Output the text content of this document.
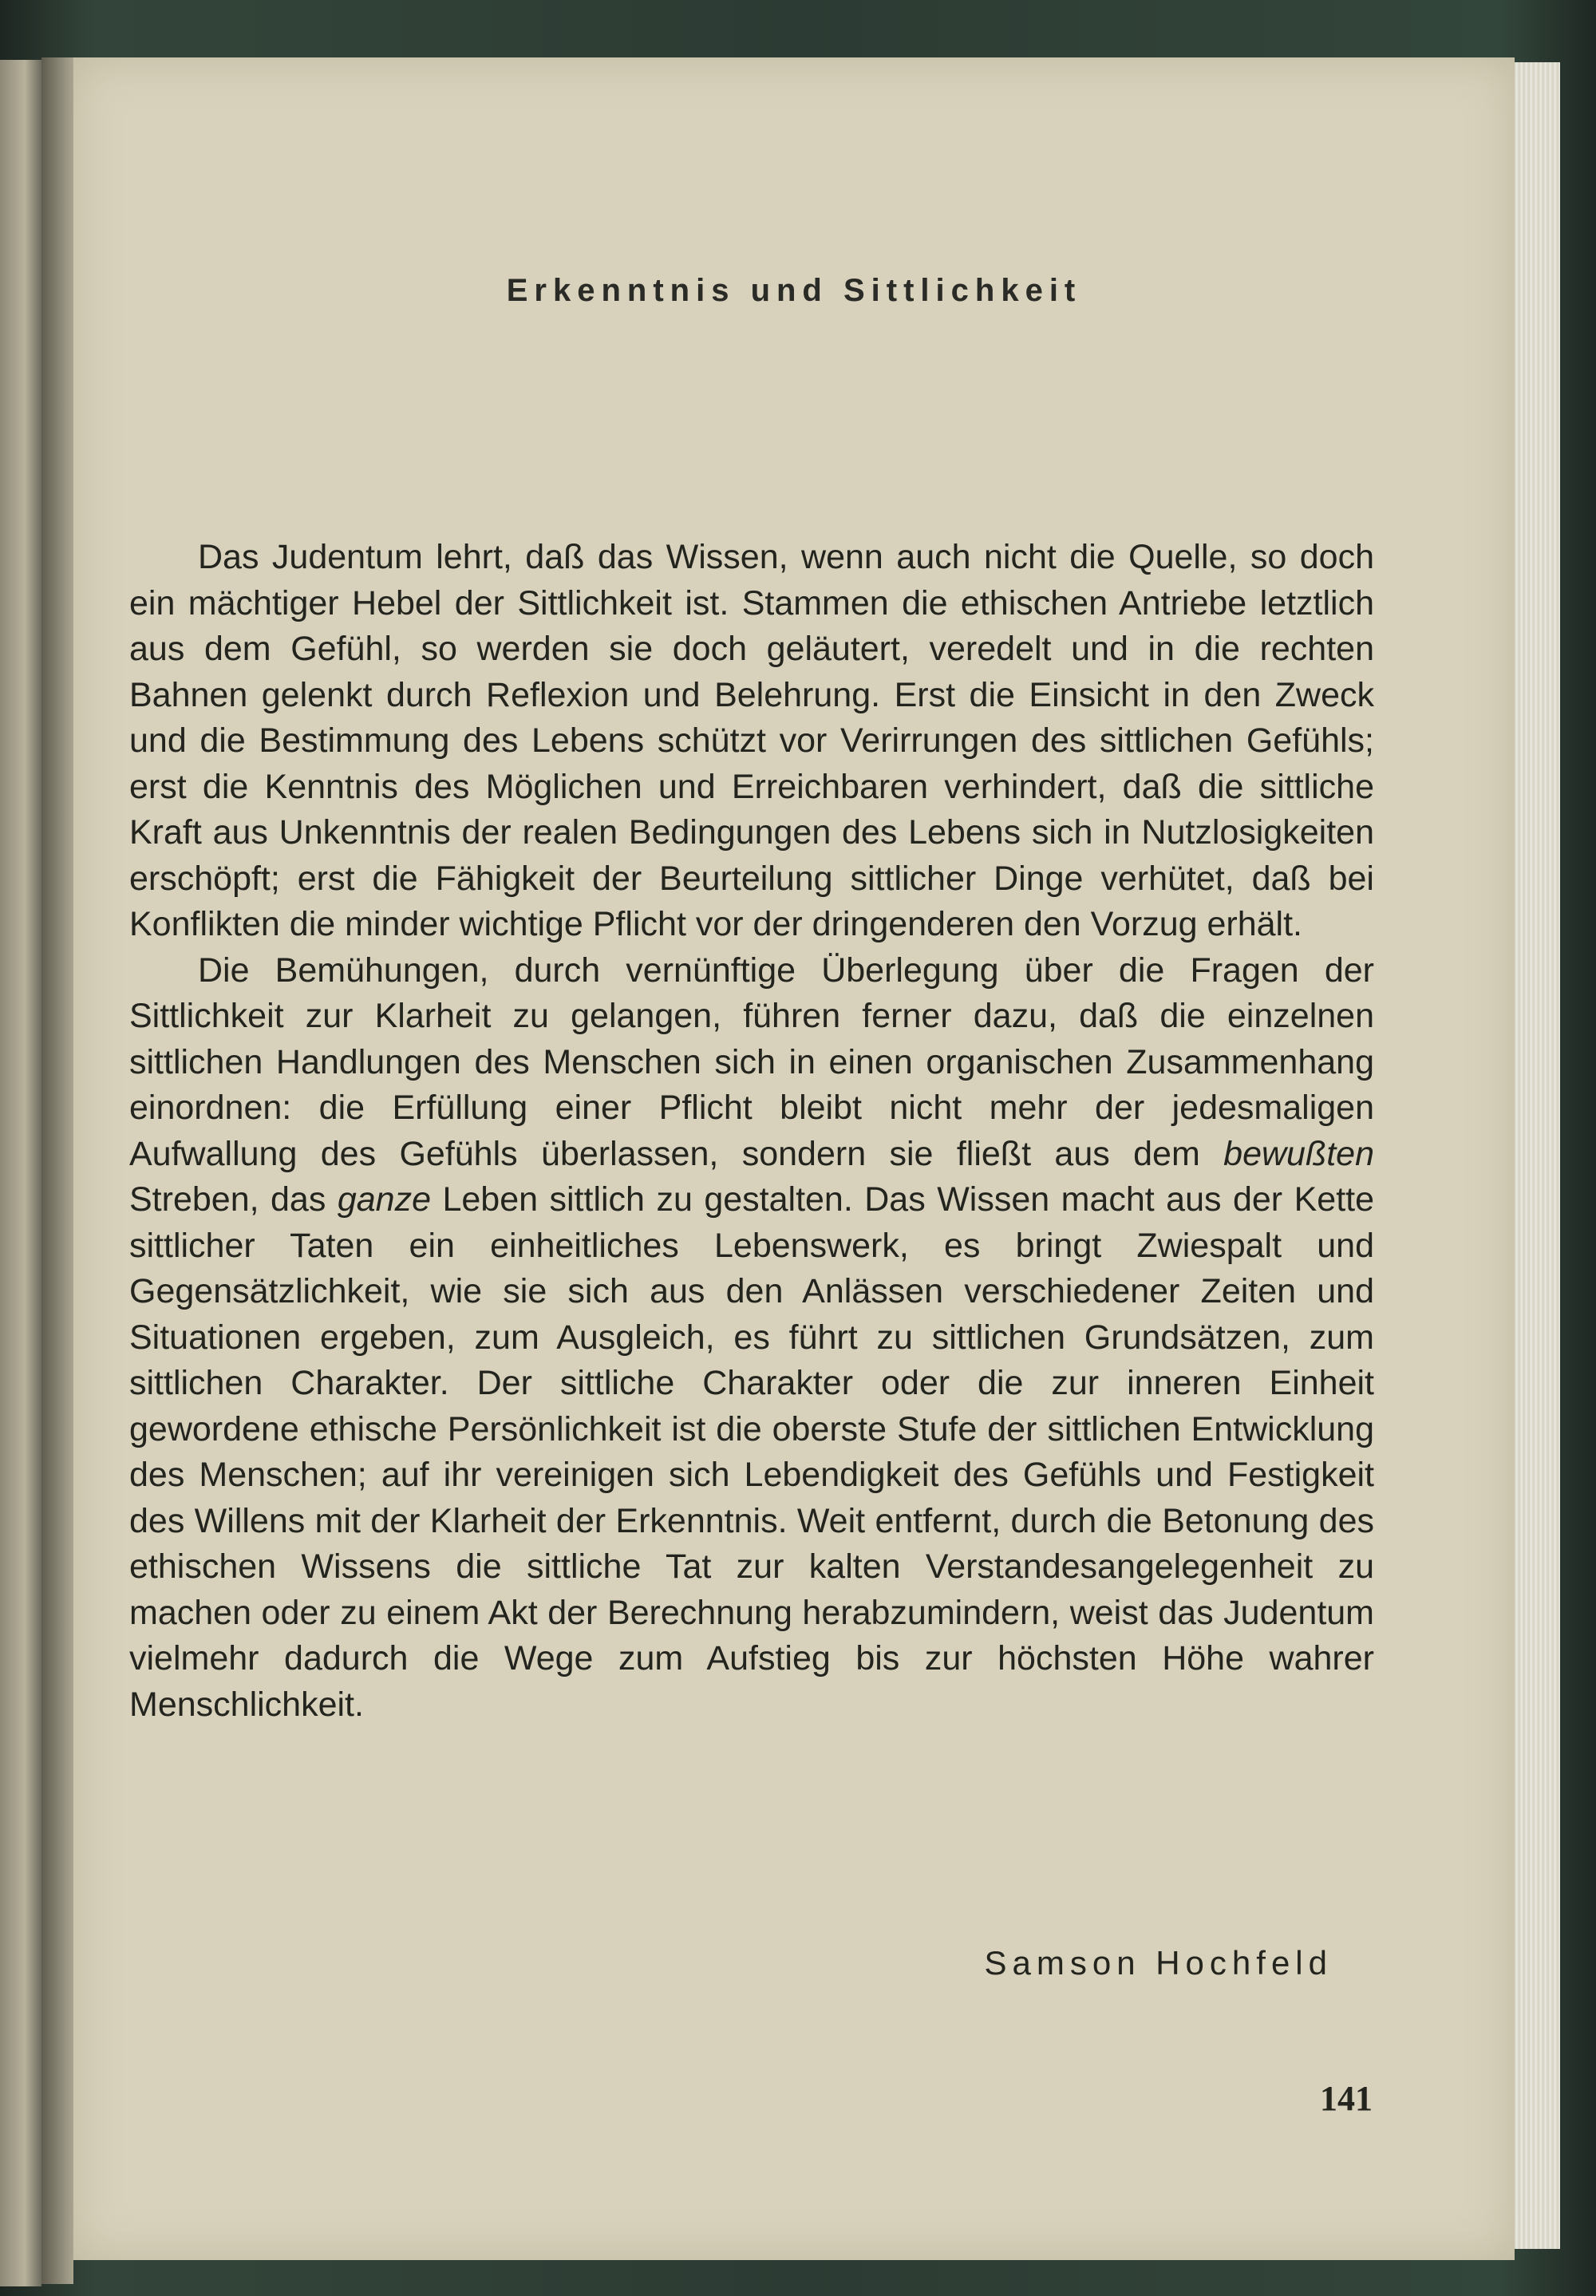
Erkenntnis und Sittlichkeit

Das Judentum lehrt, daß das Wissen, wenn auch nicht die Quelle, so doch ein mächtiger Hebel der Sittlichkeit ist. Stammen die ethischen Antriebe letztlich aus dem Gefühl, so werden sie doch geläutert, veredelt und in die rechten Bahnen gelenkt durch Reflexion und Belehrung. Erst die Einsicht in den Zweck und die Bestimmung des Lebens schützt vor Verirrungen des sittlichen Gefühls; erst die Kenntnis des Möglichen und Erreichbaren verhindert, daß die sittliche Kraft aus Unkenntnis der realen Bedingungen des Lebens sich in Nutzlosigkeiten erschöpft; erst die Fähigkeit der Beurteilung sittlicher Dinge verhütet, daß bei Konflikten die minder wichtige Pflicht vor der dringenderen den Vorzug erhält.

Die Bemühungen, durch vernünftige Überlegung über die Fragen der Sittlichkeit zur Klarheit zu gelangen, führen ferner dazu, daß die einzelnen sittlichen Handlungen des Menschen sich in einen organischen Zusammenhang einordnen: die Erfüllung einer Pflicht bleibt nicht mehr der jedesmaligen Aufwallung des Gefühls überlassen, sondern sie fließt aus dem bewußten Streben, das ganze Leben sittlich zu gestalten. Das Wissen macht aus der Kette sittlicher Taten ein einheitliches Lebenswerk, es bringt Zwiespalt und Gegensätzlichkeit, wie sie sich aus den Anlässen verschiedener Zeiten und Situationen ergeben, zum Ausgleich, es führt zu sittlichen Grundsätzen, zum sittlichen Charakter. Der sittliche Charakter oder die zur inneren Einheit gewordene ethische Persönlichkeit ist die oberste Stufe der sittlichen Entwicklung des Menschen; auf ihr vereinigen sich Lebendigkeit des Gefühls und Festigkeit des Willens mit der Klarheit der Erkenntnis. Weit entfernt, durch die Betonung des ethischen Wissens die sittliche Tat zur kalten Verstandesangelegenheit zu machen oder zu einem Akt der Berechnung herabzumindern, weist das Judentum vielmehr dadurch die Wege zum Aufstieg bis zur höchsten Höhe wahrer Menschlichkeit.

Samson Hochfeld

141
